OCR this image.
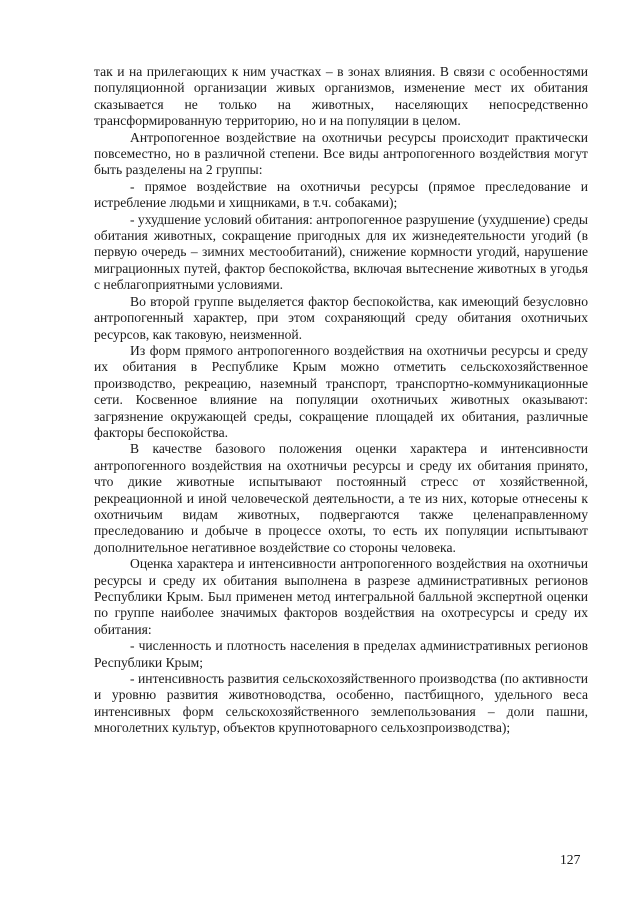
так и на прилегающих к ним участках – в зонах влияния. В связи с особенностями популяционной организации живых организмов, изменение мест их обитания сказывается не только на животных, населяющих непосредственно трансформированную территорию, но и на популяции в целом.

Антропогенное воздействие на охотничьи ресурсы происходит практически повсеместно, но в различной степени. Все виды антропогенного воздействия могут быть разделены на 2 группы:

- прямое воздействие на охотничьи ресурсы (прямое преследование и истребление людьми и хищниками, в т.ч. собаками);

- ухудшение условий обитания: антропогенное разрушение (ухудшение) среды обитания животных, сокращение пригодных для их жизнедеятельности угодий (в первую очередь – зимних местообитаний), снижение кормности угодий, нарушение миграционных путей, фактор беспокойства, включая вытеснение животных в угодья с неблагоприятными условиями.

Во второй группе выделяется фактор беспокойства, как имеющий безусловно антропогенный характер, при этом сохраняющий среду обитания охотничьих ресурсов, как таковую, неизменной.

Из форм прямого антропогенного воздействия на охотничьи ресурсы и среду их обитания в Республике Крым можно отметить сельскохозяйственное производство, рекреацию, наземный транспорт, транспортно-коммуникационные сети. Косвенное влияние на популяции охотничьих животных оказывают: загрязнение окружающей среды, сокращение площадей их обитания, различные факторы беспокойства.

В качестве базового положения оценки характера и интенсивности антропогенного воздействия на охотничьи ресурсы и среду их обитания принято, что дикие животные испытывают постоянный стресс от хозяйственной, рекреационной и иной человеческой деятельности, а те из них, которые отнесены к охотничьим видам животных, подвергаются также целенаправленному преследованию и добыче в процессе охоты, то есть их популяции испытывают дополнительное негативное воздействие со стороны человека.

Оценка характера и интенсивности антропогенного воздействия на охотничьи ресурсы и среду их обитания выполнена в разрезе административных регионов Республики Крым. Был применен метод интегральной балльной экспертной оценки по группе наиболее значимых факторов воздействия на охотресурсы и среду их обитания:

- численность и плотность населения в пределах административных регионов Республики Крым;

- интенсивность развития сельскохозяйственного производства (по активности и уровню развития животноводства, особенно, пастбищного, удельного веса интенсивных форм сельскохозяйственного землепользования – доли пашни, многолетних культур, объектов крупнотоварного сельхозпроизводства);

127
